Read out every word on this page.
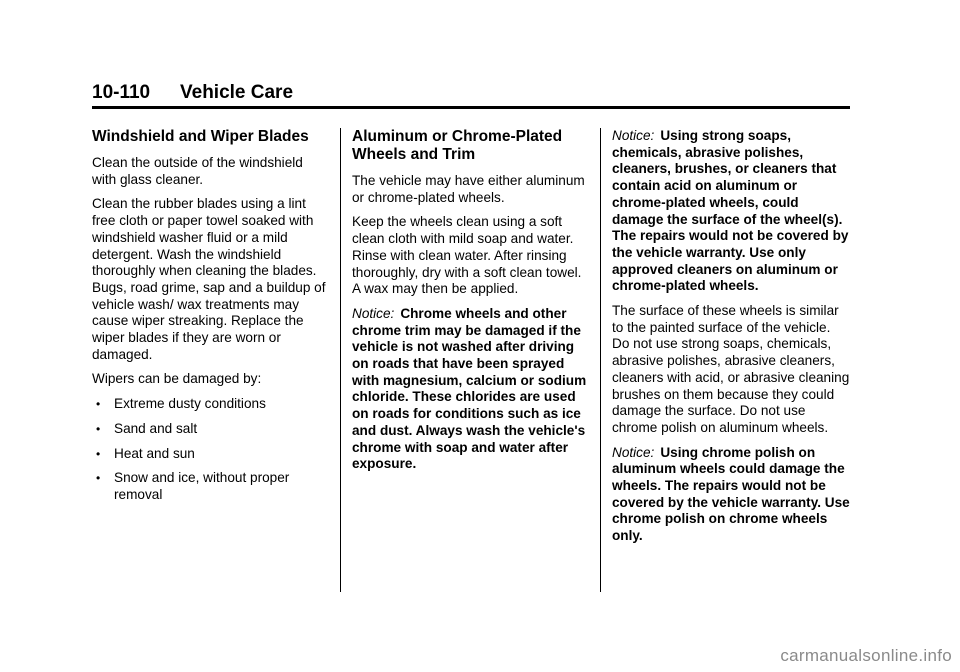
10-110 Vehicle Care
Windshield and Wiper Blades

Clean the outside of the windshield with glass cleaner.

Clean the rubber blades using a lint free cloth or paper towel soaked with windshield washer fluid or a mild detergent. Wash the windshield thoroughly when cleaning the blades. Bugs, road grime, sap and a buildup of vehicle wash/ wax treatments may cause wiper streaking. Replace the wiper blades if they are worn or damaged.

Wipers can be damaged by:

• Extreme dusty conditions
• Sand and salt
• Heat and sun
• Snow and ice, without proper removal
Aluminum or Chrome-Plated Wheels and Trim

The vehicle may have either aluminum or chrome-plated wheels.

Keep the wheels clean using a soft clean cloth with mild soap and water. Rinse with clean water. After rinsing thoroughly, dry with a soft clean towel. A wax may then be applied.

Notice: Chrome wheels and other chrome trim may be damaged if the vehicle is not washed after driving on roads that have been sprayed with magnesium, calcium or sodium chloride. These chlorides are used on roads for conditions such as ice and dust. Always wash the vehicle's chrome with soap and water after exposure.

Notice: Using strong soaps, chemicals, abrasive polishes, cleaners, brushes, or cleaners that contain acid on aluminum or chrome-plated wheels, could damage the surface of the wheel(s). The repairs would not be covered by the vehicle warranty. Use only approved cleaners on aluminum or chrome-plated wheels.

The surface of these wheels is similar to the painted surface of the vehicle. Do not use strong soaps, chemicals, abrasive polishes, abrasive cleaners, cleaners with acid, or abrasive cleaning brushes on them because they could damage the surface. Do not use chrome polish on aluminum wheels.

Notice: Using chrome polish on aluminum wheels could damage the wheels. The repairs would not be covered by the vehicle warranty. Use chrome polish on chrome wheels only.

carmanualsonline.info
